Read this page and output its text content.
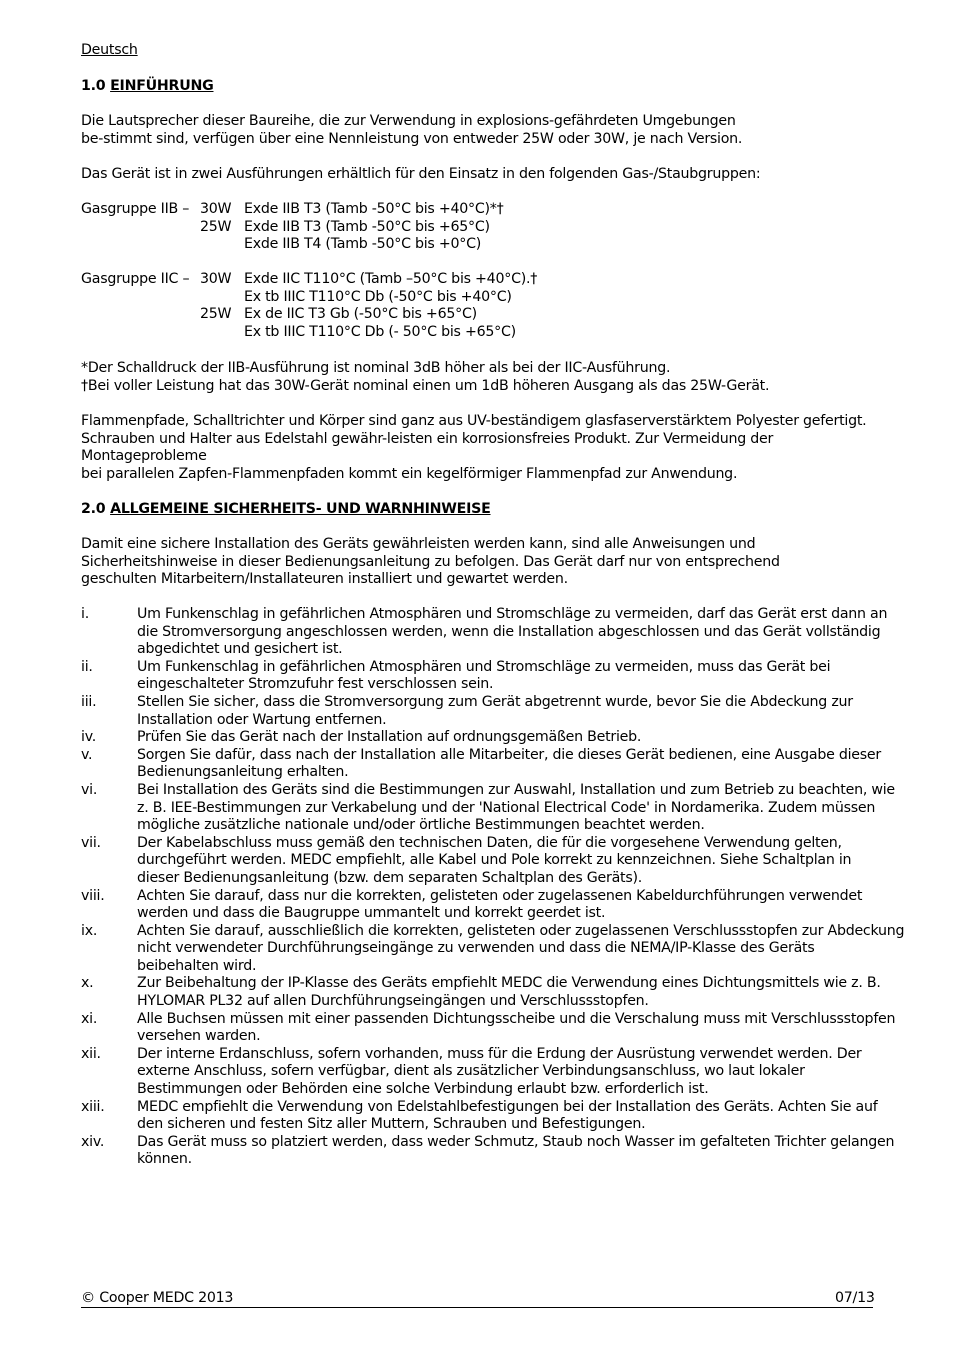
Deutsch
1.0 EINFÜHRUNG
Die Lautsprecher dieser Baureihe, die zur Verwendung in explosions-gefährdeten Umgebungen
be-stimmt sind, verfügen über eine Nennleistung von entweder 25W oder 30W, je nach Version.
Das Gerät ist in zwei Ausführungen erhältlich für den Einsatz in den folgenden Gas-/Staubgruppen:
Gasgruppe IIB – 30W Exde IIB T3 (Tamb -50°C bis +40°C)*†
25W Exde IIB T3 (Tamb -50°C bis +65°C)
Exde IIB T4 (Tamb -50°C bis +0°C)
Gasgruppe IIC – 30W Exde IIC T110°C (Tamb –50°C bis +40°C).†
Ex tb IIIC T110°C Db (-50°C bis +40°C)
25W Ex de IIC T3 Gb (-50°C bis +65°C)
Ex tb IIIC T110°C Db (- 50°C bis +65°C)
*Der Schalldruck der IIB-Ausführung ist nominal 3dB höher als bei der IIC-Ausführung.
†Bei voller Leistung hat das 30W-Gerät nominal einen um 1dB höheren Ausgang als das 25W-Gerät.
Flammenpfade, Schalltrichter und Körper sind ganz aus UV-beständigem glasfaserverstärktem Polyester gefertigt.
Schrauben und Halter aus Edelstahl gewähr-leisten ein korrosionsfreies Produkt. Zur Vermeidung der
Montageprobleme
bei parallelen Zapfen-Flammenpfaden kommt ein kegelförmiger Flammenpfad zur Anwendung.
2.0 ALLGEMEINE SICHERHEITS- UND WARNHINWEISE
Damit eine sichere Installation des Geräts gewährleisten werden kann, sind alle Anweisungen und
Sicherheitshinweise in dieser Bedienungsanleitung zu befolgen. Das Gerät darf nur von entsprechend
geschulten Mitarbeitern/Installateuren installiert und gewartet werden.
i.	Um Funkenschlag in gefährlichen Atmosphären und Stromschläge zu vermeiden, darf das Gerät erst dann an
die Stromversorgung angeschlossen werden, wenn die Installation abgeschlossen und das Gerät vollständig
abgedichtet und gesichert ist.
ii.	Um Funkenschlag in gefährlichen Atmosphären und Stromschläge zu vermeiden, muss das Gerät bei
eingeschalteter Stromzufuhr fest verschlossen sein.
iii.	Stellen Sie sicher, dass die Stromversorgung zum Gerät abgetrennt wurde, bevor Sie die Abdeckung zur
Installation oder Wartung entfernen.
iv.	Prüfen Sie das Gerät nach der Installation auf ordnungsgemäßen Betrieb.
v.	Sorgen Sie dafür, dass nach der Installation alle Mitarbeiter, die dieses Gerät bedienen, eine Ausgabe dieser
Bedienungsanleitung erhalten.
vi.	Bei Installation des Geräts sind die Bestimmungen zur Auswahl, Installation und zum Betrieb zu beachten, wie
z. B. IEE-Bestimmungen zur Verkabelung und der 'National Electrical Code' in Nordamerika. Zudem müssen
mögliche zusätzliche nationale und/oder örtliche Bestimmungen beachtet werden.
vii.	Der Kabelabschluss muss gemäß den technischen Daten, die für die vorgesehene Verwendung gelten,
durchgeführt werden. MEDC empfiehlt, alle Kabel und Pole korrekt zu kennzeichnen. Siehe Schaltplan in
dieser Bedienungsanleitung (bzw. dem separaten Schaltplan des Geräts).
viii.	Achten Sie darauf, dass nur die korrekten, gelisteten oder zugelassenen Kabeldurchführungen verwendet
werden und dass die Baugruppe ummantelt und korrekt geerdet ist.
ix.	Achten Sie darauf, ausschließlich die korrekten, gelisteten oder zugelassenen Verschlussstopfen zur Abdeckung
nicht verwendeter Durchführungseingänge zu verwenden und dass die NEMA/IP-Klasse des Geräts
beibehalten wird.
x.	Zur Beibehaltung der IP-Klasse des Geräts empfiehlt MEDC die Verwendung eines Dichtungsmittels wie z. B.
HYLOMAR PL32 auf allen Durchführungseingängen und Verschlussstopfen.
xi.	Alle Buchsen müssen mit einer passenden Dichtungsscheibe und die Verschalung muss mit Verschlussstopfen
versehen warden.
xii.	Der interne Erdanschluss, sofern vorhanden, muss für die Erdung der Ausrüstung verwendet werden. Der
externe Anschluss, sofern verfügbar, dient als zusätzlicher Verbindungsanschluss, wo laut lokaler
Bestimmungen oder Behörden eine solche Verbindung erlaubt bzw. erforderlich ist.
xiii.	MEDC empfiehlt die Verwendung von Edelstahlbefestigungen bei der Installation des Geräts. Achten Sie auf
den sicheren und festen Sitz aller Muttern, Schrauben und Befestigungen.
xiv.	Das Gerät muss so platziert werden, dass weder Schmutz, Staub noch Wasser im gefalteten Trichter gelangen
können.
© Cooper MEDC 2013	07/13
